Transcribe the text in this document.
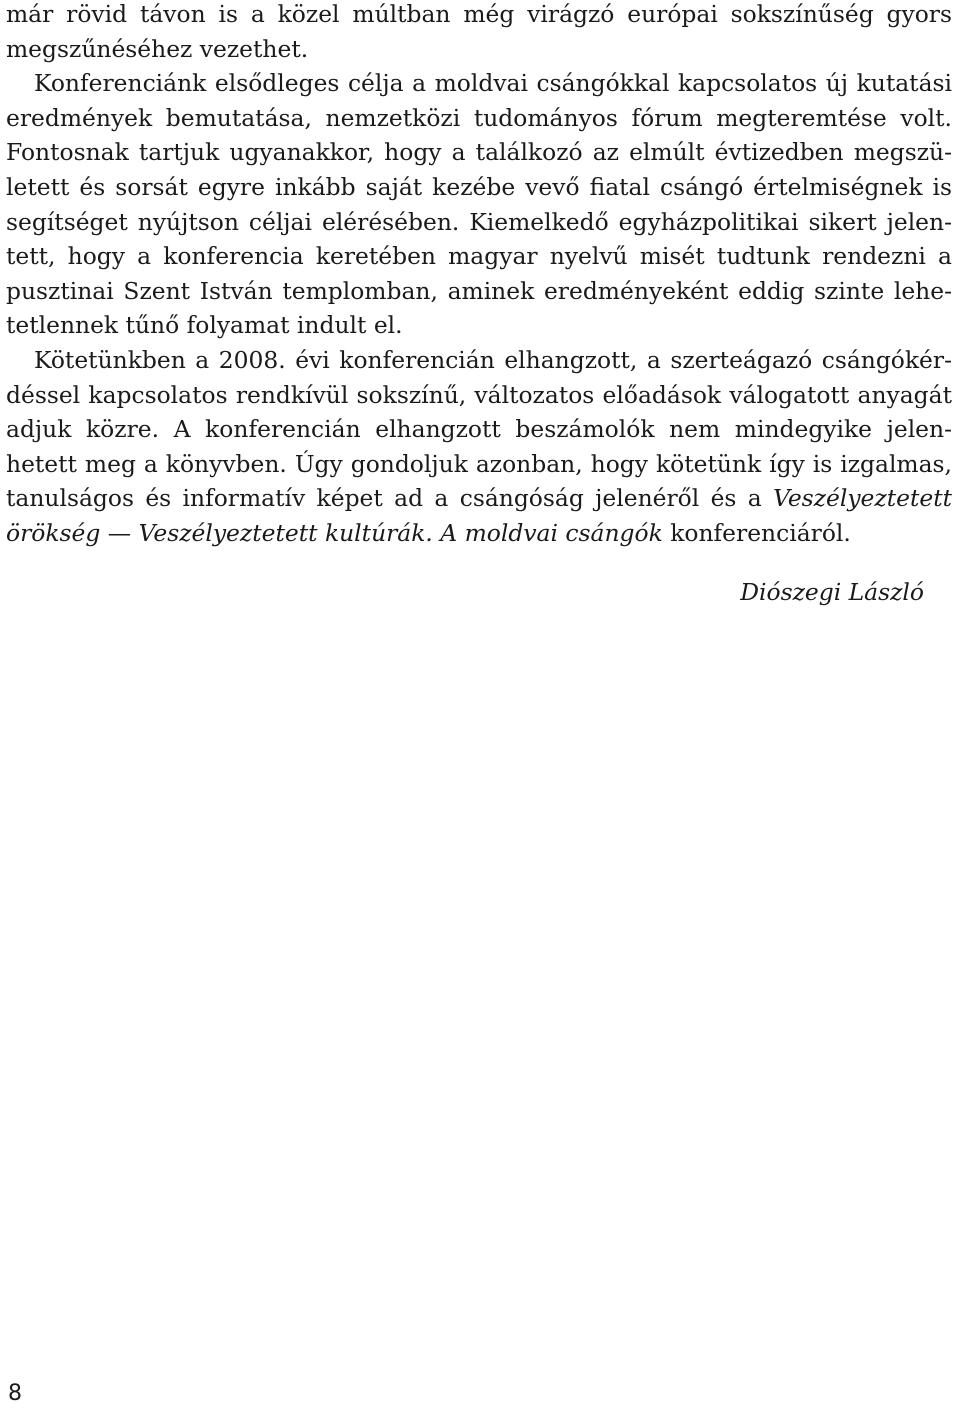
már rövid távon is a közel múltban még virágzó európai sokszínűség gyors megszűnéséhez vezethet.

Konferenciánk elsődleges célja a moldvai csángókkal kapcsolatos új kutatási eredmények bemutatása, nemzetközi tudományos fórum megteremtése volt. Fontosnak tartjuk ugyanakkor, hogy a találkozó az elmúlt évtizedben megszületett és sorsát egyre inkább saját kezébe vevő fiatal csángó értelmiségnek is segítséget nyújtson céljai elérésében. Kiemelkedő egyházpolitikai sikert jelentett, hogy a konferencia keretében magyar nyelvű misét tudtunk rendezni a pusztinai Szent István templomban, aminek eredményeként eddig szinte lehetetlennek tűnő folyamat indult el.

Kötetünkben a 2008. évi konferencián elhangzott, a szerteágazó csángókérdéssel kapcsolatos rendkívül sokszínű, változatos előadások válogatott anyagát adjuk közre. A konferencián elhangzott beszámolók nem mindegyike jelenhetett meg a könyvben. Úgy gondoljuk azonban, hogy kötetünk így is izgalmas, tanulságos és informatív képet ad a csángóság jelenéről és a Veszélyeztetett örökség — Veszélyeztetett kultúrák. A moldvai csángók konferenciáról.

Diószegi László
8
